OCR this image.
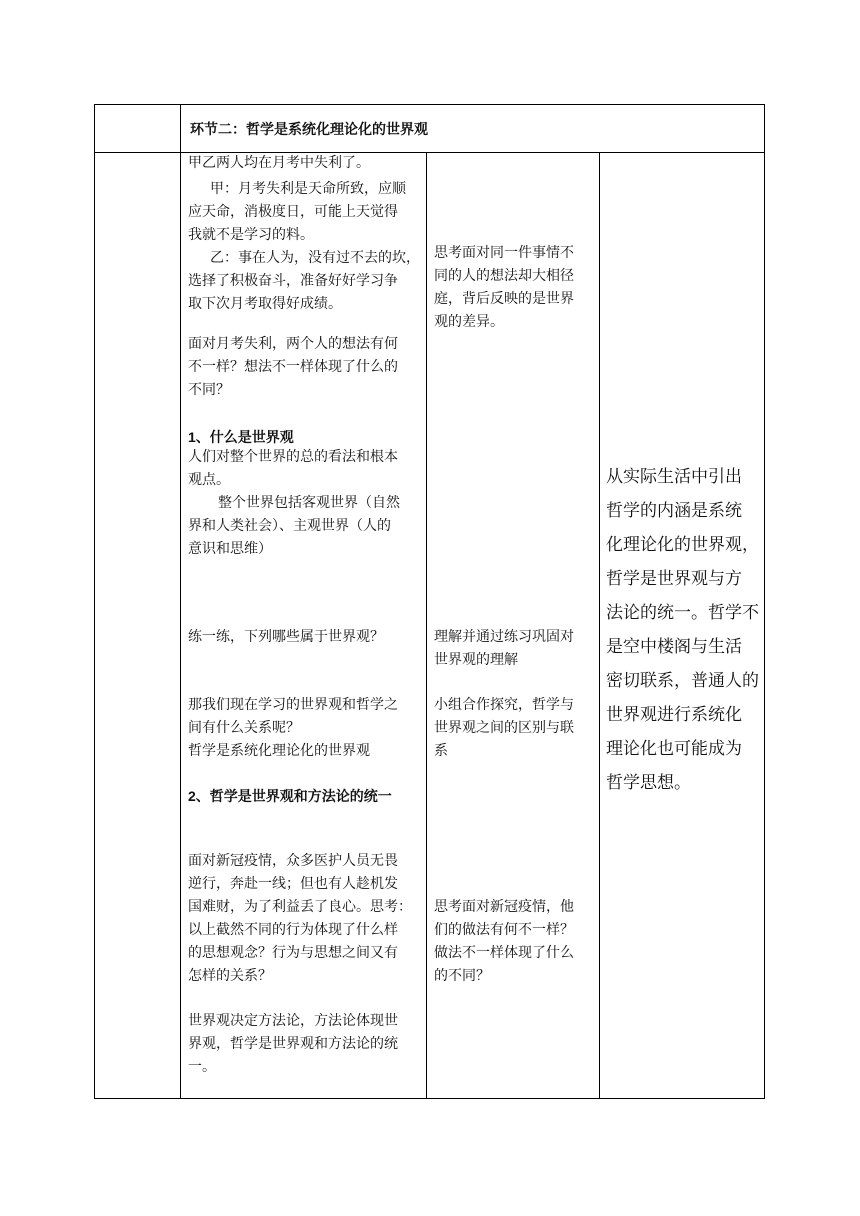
环节二：哲学是系统化理论化的世界观
甲乙两人均在月考中失利了。
甲：月考失利是天命所致，应顺
应天命，消极度日，可能上天觉得
我就不是学习的料。
乙：事在人为，没有过不去的坎，
选择了积极奋斗，准备好好学习争
取下次月考取得好成绩。
面对月考失利，两个人的想法有何
不一样？想法不一样体现了什么的
不同？
1、什么是世界观
人们对整个世界的总的看法和根本
观点。
整个世界包括客观世界（自然
界和人类社会）、主观世界（人的
意识和思维）
练一练，下列哪些属于世界观？
那我们现在学习的世界观和哲学之
间有什么关系呢？
哲学是系统化理论化的世界观
2、哲学是世界观和方法论的统一
面对新冠疫情，众多医护人员无畏
逆行，奔赴一线；但也有人趁机发
国难财，为了利益丢了良心。思考：
以上截然不同的行为体现了什么样
的思想观念？行为与思想之间又有
怎样的关系？
世界观决定方法论，方法论体现世
界观，哲学是世界观和方法论的统
一。
思考面对同一件事情不
同的人的想法却大相径
庭，背后反映的是世界
观的差异。
理解并通过练习巩固对
世界观的理解
小组合作探究，哲学与
世界观之间的区别与联
系
思考面对新冠疫情，他
们的做法有何不一样？
做法不一样体现了什么
的不同？
从实际生活中引出
哲学的内涵是系统
化理论化的世界观，
哲学是世界观与方
法论的统一。哲学不
是空中楼阁与生活
密切联系，普通人的
世界观进行系统化
理论化也可能成为
哲学思想。
